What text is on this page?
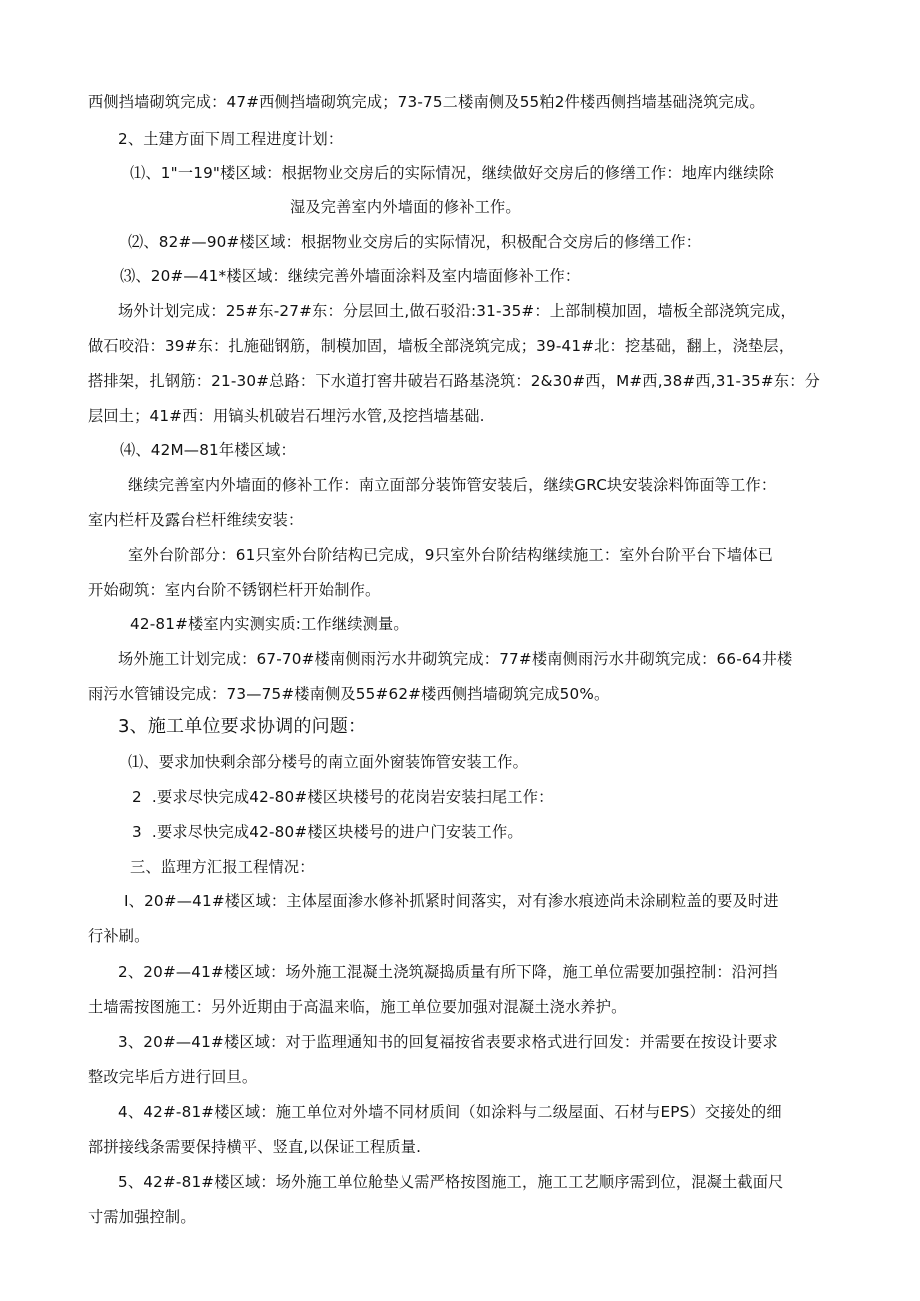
西侧挡墙砌筑完成：47#西侧挡墙砌筑完成；73-75二楼南侧及55粕2件楼西侧挡墙基础浇筑完成。
2、土建方面下周工程进度计划：
⑴、1"一19"楼区域：根据物业交房后的实际情况，继续做好交房后的修缮工作：地库内继续除
湿及完善室内外墙面的修补工作。
⑵、82#—90#楼区域：根据物业交房后的实际情况，积极配合交房后的修缮工作：
⑶、20#—41*楼区域：继续完善外墙面涂料及室内墙面修补工作：
场外计划完成：25#东-27#东：分层回土,做石驳沿:31-35#：上部制模加固，墙板全部浇筑完成，
做石咬沿：39#东：扎施础钢筋，制模加固，墙板全部浇筑完成；39-41#北：挖基础，翻上，浇垫层，
搭排架，扎钢筋：21-30#总路：下水道打窖井破岩石路基浇筑：2&30#西，M#西,38#西,31-35#东：分
层回土；41#西：用镐头机破岩石埋污水管,及挖挡墙基础.
⑷、42M—81年楼区域：
继续完善室内外墙面的修补工作：南立面部分装饰管安装后，继续GRC块安装涂料饰面等工作：
室内栏杆及露台栏杆维续安装：
室外台阶部分：61只室外台阶结构已完成，9只室外台阶结构继续施工：室外台阶平台下墙体已
开始砌筑：室内台阶不锈钢栏杆开始制作。
42-81#楼室内实测实质:工作继续测量。
场外施工计划完成：67-70#楼南侧雨污水井砌筑完成：77#楼南侧雨污水井砌筑完成：66-64井楼
雨污水管铺设完成：73—75#楼南侧及55#62#楼西侧挡墙砌筑完成50%。
3、施工单位要求协调的问题：
⑴、要求加快剩余部分楼号的南立面外窗装饰管安装工作。
2  .要求尽快完成42-80#楼区块楼号的花岗岩安装扫尾工作：
3  .要求尽快完成42-80#楼区块楼号的进户门安装工作。
三、监理方汇报工程情况：
I、20#—41#楼区域：主体屋面渗水修补抓紧时间落实，对有渗水痕迹尚未涂刷粒盖的要及时进
行补刷。
2、20#—41#楼区域：场外施工混凝土浇筑凝捣质量有所下降，施工单位需要加强控制：沿河挡
土墙需按图施工：另外近期由于高温来临，施工单位要加强对混凝土浇水养护。
3、20#—41#楼区域：对于监理通知书的回复福按省表要求格式进行回发：并需要在按设计要求
整改完毕后方进行回旦。
4、42#-81#楼区域：施工单位对外墙不同材质间（如涂料与二级屋面、石材与EPS）交接处的细
部拼接线条需要保持横平、竖直,以保证工程质量.
5、42#-81#楼区域：场外施工单位舱垫乂需严格按图施工，施工工艺顺序需到位，混凝土截面尺
寸需加强控制。
